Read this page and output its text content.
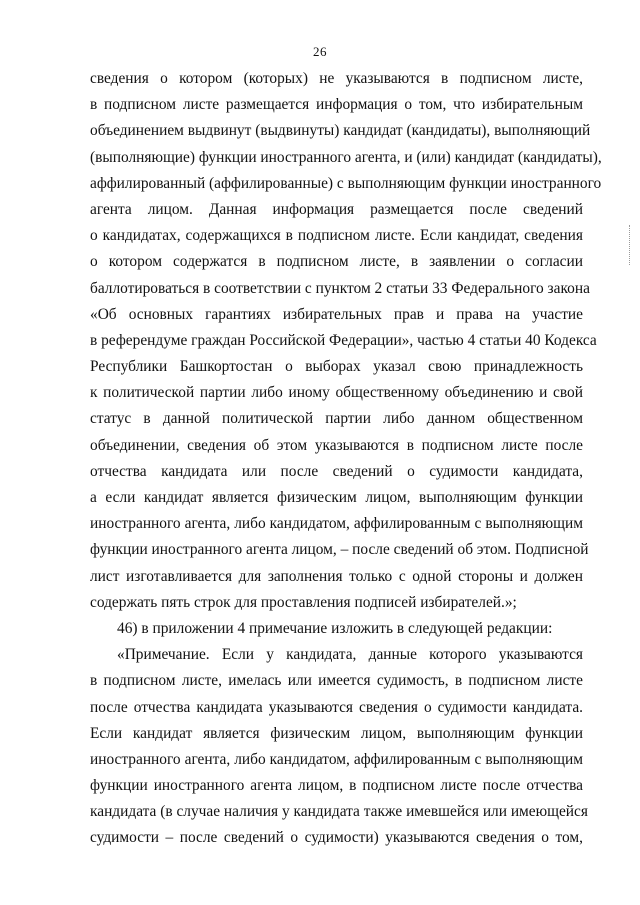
26
сведения о котором (которых) не указываются в подписном листе,
в подписном листе размещается информация о том, что избирательным
объединением выдвинут (выдвинуты) кандидат (кандидаты), выполняющий
(выполняющие) функции иностранного агента, и (или) кандидат (кандидаты),
аффилированный (аффилированные) с выполняющим функции иностранного
агента лицом. Данная информация размещается после сведений
о кандидатах, содержащихся в подписном листе. Если кандидат, сведения
о котором содержатся в подписном листе, в заявлении о согласии
баллотироваться в соответствии с пунктом 2 статьи 33 Федерального закона
«Об основных гарантиях избирательных прав и права на участие
в референдуме граждан Российской Федерации», частью 4 статьи 40 Кодекса
Республики Башкортостан о выборах указал свою принадлежность
к политической партии либо иному общественному объединению и свой
статус в данной политической партии либо данном общественном
объединении, сведения об этом указываются в подписном листе после
отчества кандидата или после сведений о судимости кандидата,
а если кандидат является физическим лицом, выполняющим функции
иностранного агента, либо кандидатом, аффилированным с выполняющим
функции иностранного агента лицом, – после сведений об этом. Подписной
лист изготавливается для заполнения только с одной стороны и должен
содержать пять строк для проставления подписей избирателей.»;
46) в приложении 4 примечание изложить в следующей редакции:
«Примечание. Если у кандидата, данные которого указываются
в подписном листе, имелась или имеется судимость, в подписном листе
после отчества кандидата указываются сведения о судимости кандидата.
Если кандидат является физическим лицом, выполняющим функции
иностранного агента, либо кандидатом, аффилированным с выполняющим
функции иностранного агента лицом, в подписном листе после отчества
кандидата (в случае наличия у кандидата также имевшейся или имеющейся
судимости – после сведений о судимости) указываются сведения о том,
